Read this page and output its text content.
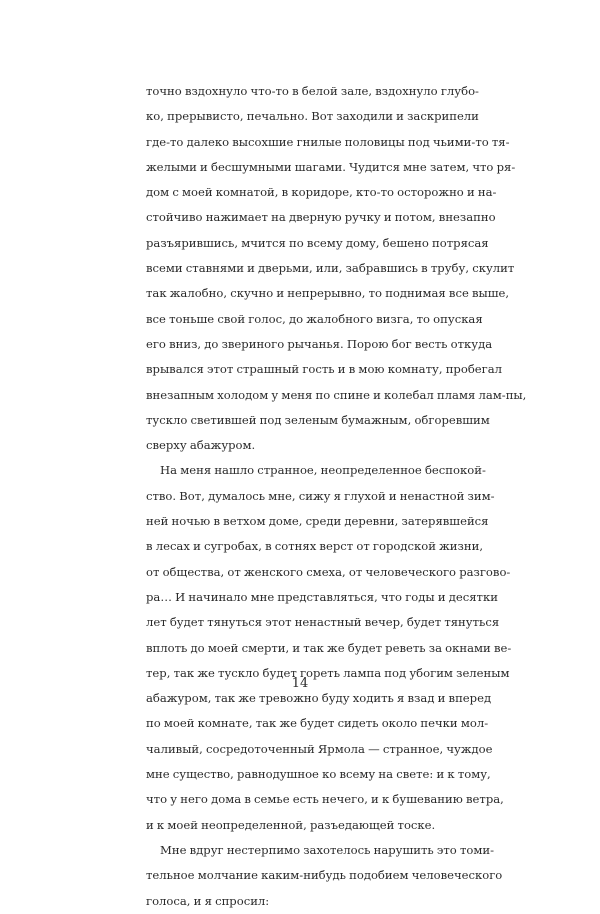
точно вздохнуло что-то в белой зале, вздохнуло глубо-
ко, прерывисто, печально. Вот заходили и заскрипели
где-то далеко высохшие гнилые половицы под чьими-то тя-
желыми и бесшумными шагами. Чудится мне затем, что ря-
дом с моей комнатой, в коридоре, кто-то осторожно и на-
стойчиво нажимает на дверную ручку и потом, внезапно
разъярившись, мчится по всему дому, бешено потрясая
всеми ставнями и дверьми, или, забравшись в трубу, скулит
так жалобно, скучно и непрерывно, то поднимая все выше,
все тоньше свой голос, до жалобного визга, то опуская
его вниз, до звериного рычанья. Порою бог весть откуда
врывался этот страшный гость и в мою комнату, пробегал
внезапным холодом у меня по спине и колебал пламя лам-пы,
тускло светившей под зеленым бумажным, обгоревшим
сверху абажуром.
На меня нашло странное, неопределенное беспокой-
ство. Вот, думалось мне, сижу я глухой и ненастной зим-
ней ночью в ветхом доме, среди деревни, затерявшейся
в лесах и сугробах, в сотнях верст от городской жизни,
от общества, от женского смеха, от человеческого разгово-
ра… И начинало мне представляться, что годы и десятки
лет будет тянуться этот ненастный вечер, будет тянуться
вплоть до моей смерти, и так же будет реветь за окнами ве-
тер, так же тускло будет гореть лампа под убогим зеленым
абажуром, так же тревожно буду ходить я взад и вперед
по моей комнате, так же будет сидеть около печки мол-
чаливый, сосредоточенный Ярмола — странное, чуждое
мне существо, равнодушное ко всему на свете: и к тому,
что у него дома в семье есть нечего, и к бушеванию ветра,
и к моей неопределенной, разъедающей тоске.
Мне вдруг нестерпимо захотелось нарушить это томи-
тельное молчание каким-нибудь подобием человеческого
голоса, и я спросил:
14
